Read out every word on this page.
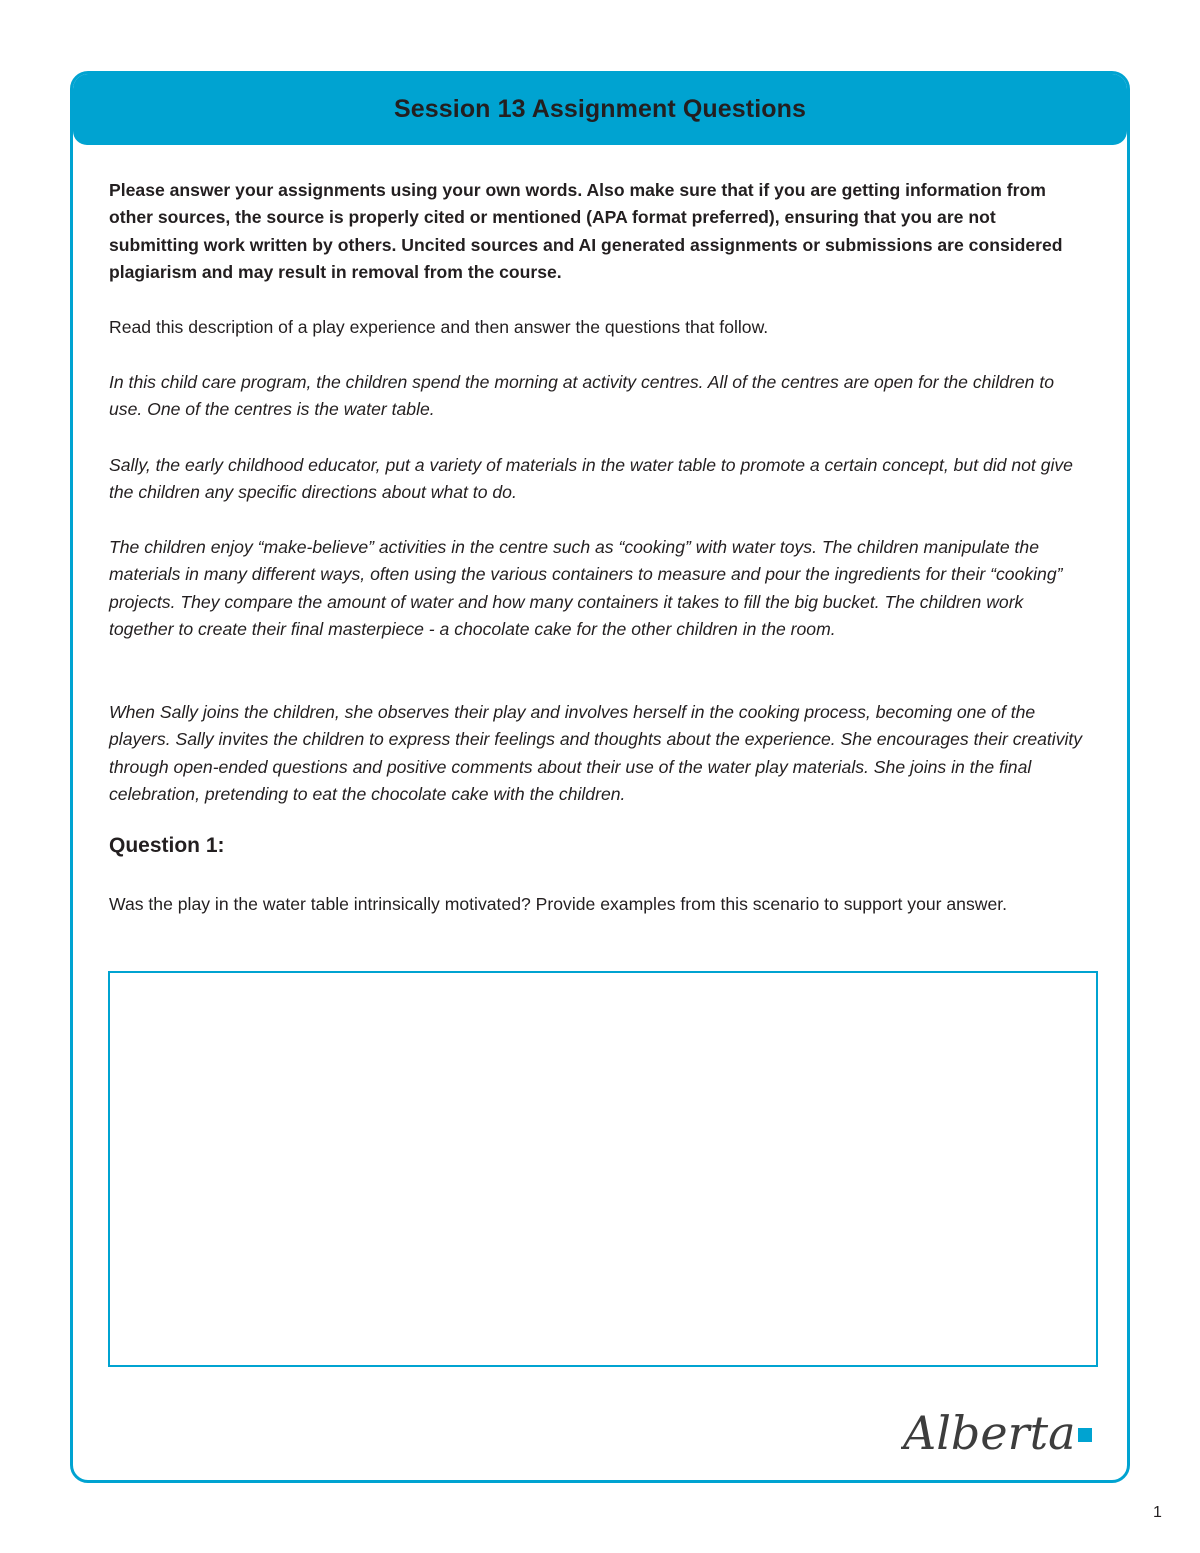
Session 13 Assignment Questions

Please answer your assignments using your own words. Also make sure that if you are getting information from other sources, the source is properly cited or mentioned (APA format preferred), ensuring that you are not submitting work written by others. Uncited sources and AI generated assignments or submissions are considered plagiarism and may result in removal from the course.

Read this description of a play experience and then answer the questions that follow.

In this child care program, the children spend the morning at activity centres. All of the centres are open for the children to use. One of the centres is the water table.

Sally, the early childhood educator, put a variety of materials in the water table to promote a certain concept, but did not give the children any specific directions about what to do.

The children enjoy “make-believe” activities in the centre such as “cooking” with water toys. The children manipulate the materials in many different ways, often using the various containers to measure and pour the ingredients for their “cooking” projects. They compare the amount of water and how many containers it takes to fill the big bucket. The children work together to create their final masterpiece - a chocolate cake for the other children in the room.

When Sally joins the children, she observes their play and involves herself in the cooking process, becoming one of the players. Sally invites the children to express their feelings and thoughts about the experience. She encourages their creativity through open-ended questions and positive comments about their use of the water play materials. She joins in the final celebration, pretending to eat the chocolate cake with the children.

Question 1:

Was the play in the water table intrinsically motivated? Provide examples from this scenario to support your answer.

Alberta
1
